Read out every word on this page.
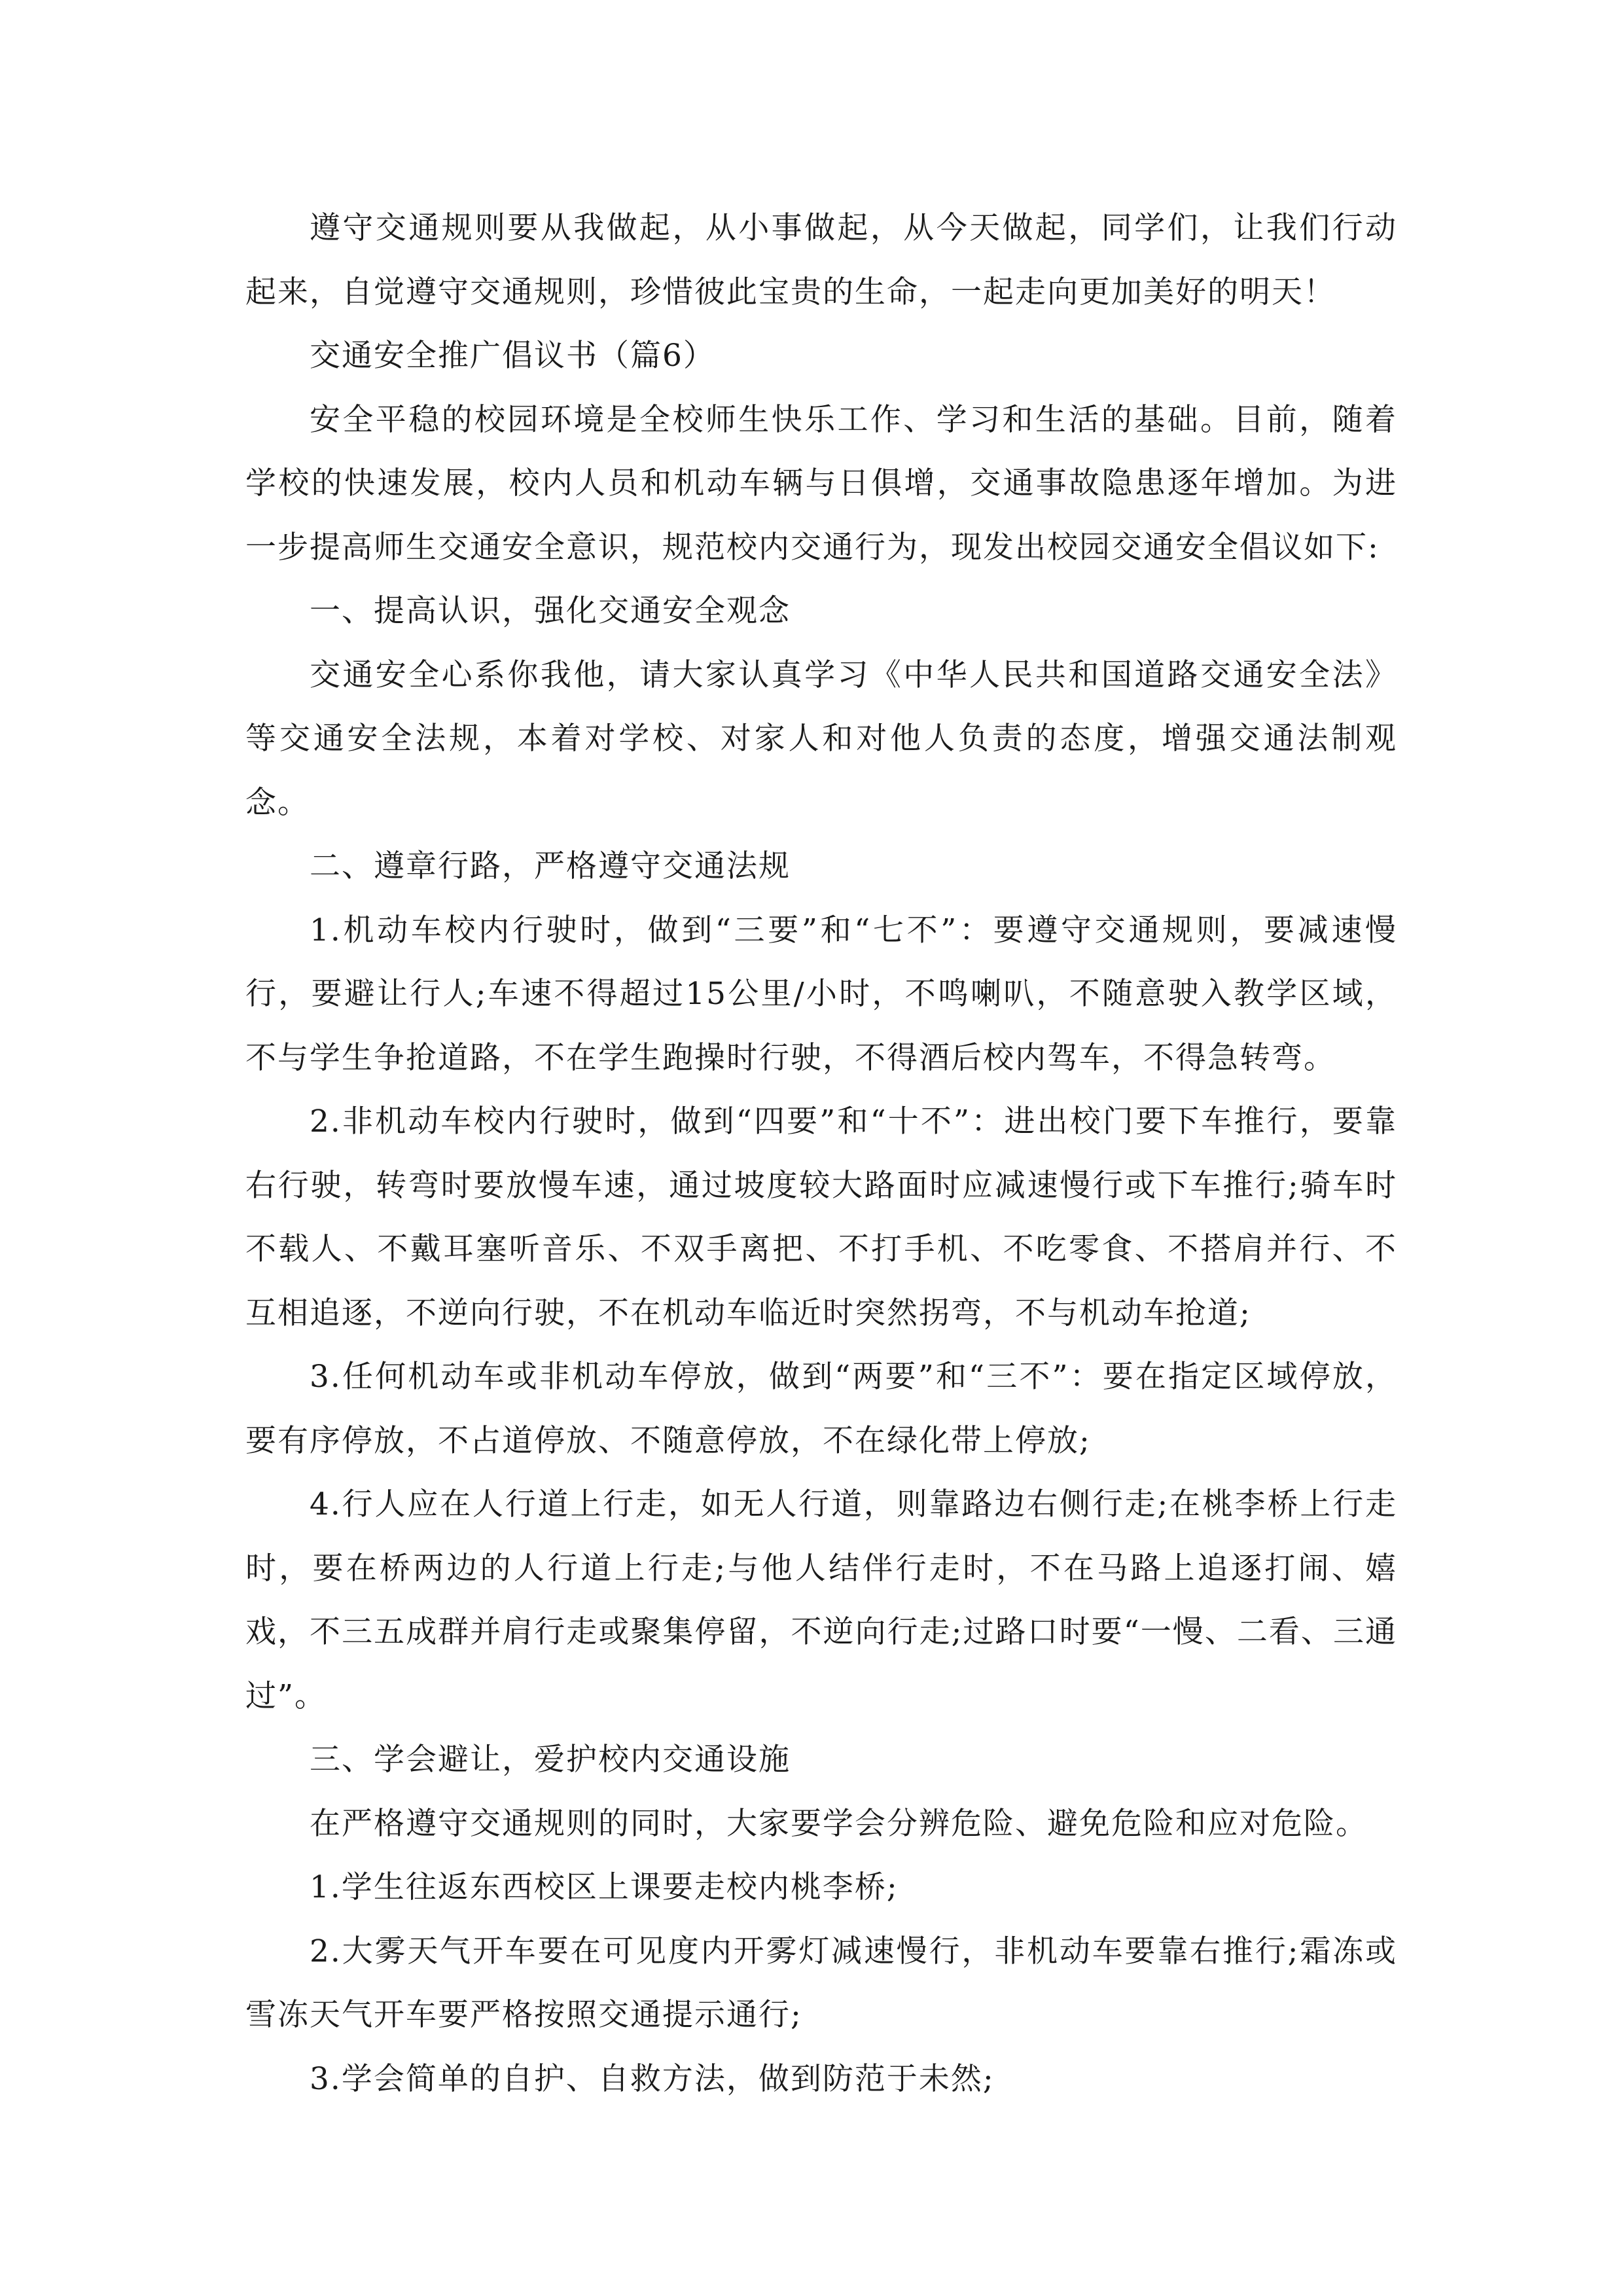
遵守交通规则要从我做起，从小事做起，从今天做起，同学们，让我们行动起来，自觉遵守交通规则，珍惜彼此宝贵的生命，一起走向更加美好的明天！

交通安全推广倡议书（篇6）

安全平稳的校园环境是全校师生快乐工作、学习和生活的基础。目前，随着学校的快速发展，校内人员和机动车辆与日俱增，交通事故隐患逐年增加。为进一步提高师生交通安全意识，规范校内交通行为，现发出校园交通安全倡议如下:

一、提高认识，强化交通安全观念

交通安全心系你我他，请大家认真学习《中华人民共和国道路交通安全法》等交通安全法规，本着对学校、对家人和对他人负责的态度，增强交通法制观念。

二、遵章行路，严格遵守交通法规

1.机动车校内行驶时，做到“三要”和“七不”：要遵守交通规则，要减速慢行，要避让行人;车速不得超过15公里/小时，不鸣喇叭，不随意驶入教学区域，不与学生争抢道路，不在学生跑操时行驶，不得酒后校内驾车，不得急转弯。

2.非机动车校内行驶时，做到“四要”和“十不”：进出校门要下车推行，要靠右行驶，转弯时要放慢车速，通过坡度较大路面时应减速慢行或下车推行;骑车时不载人、不戴耳塞听音乐、不双手离把、不打手机、不吃零食、不搭肩并行、不互相追逐，不逆向行驶，不在机动车临近时突然拐弯，不与机动车抢道;

3.任何机动车或非机动车停放，做到“两要”和“三不”：要在指定区域停放，要有序停放，不占道停放、不随意停放，不在绿化带上停放;

4.行人应在人行道上行走，如无人行道，则靠路边右侧行走;在桃李桥上行走时，要在桥两边的人行道上行走;与他人结伴行走时，不在马路上追逐打闹、嬉戏，不三五成群并肩行走或聚集停留，不逆向行走;过路口时要“一慢、二看、三通过”。

三、学会避让，爱护校内交通设施

在严格遵守交通规则的同时，大家要学会分辨危险、避免危险和应对危险。

1.学生往返东西校区上课要走校内桃李桥;

2.大雾天气开车要在可见度内开雾灯减速慢行，非机动车要靠右推行;霜冻或雪冻天气开车要严格按照交通提示通行;

3.学会简单的自护、自救方法，做到防范于未然;
